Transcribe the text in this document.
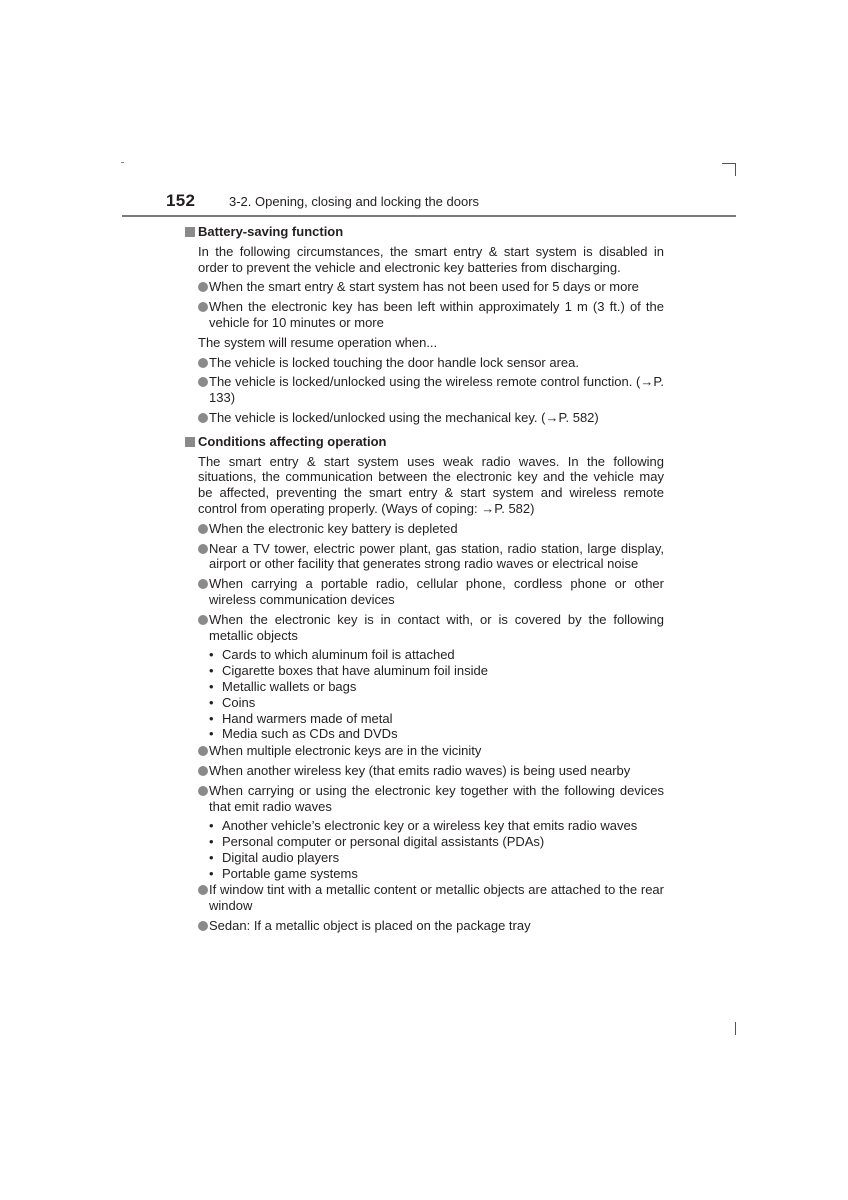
152	3-2. Opening, closing and locking the doors
Battery-saving function
In the following circumstances, the smart entry & start system is disabled in order to prevent the vehicle and electronic key batteries from discharging.
When the smart entry & start system has not been used for 5 days or more
When the electronic key has been left within approximately 1 m (3 ft.) of the vehicle for 10 minutes or more
The system will resume operation when...
The vehicle is locked touching the door handle lock sensor area.
The vehicle is locked/unlocked using the wireless remote control function. (→P. 133)
The vehicle is locked/unlocked using the mechanical key. (→P. 582)
Conditions affecting operation
The smart entry & start system uses weak radio waves. In the following situations, the communication between the electronic key and the vehicle may be affected, preventing the smart entry & start system and wireless remote control from operating properly. (Ways of coping: →P. 582)
When the electronic key battery is depleted
Near a TV tower, electric power plant, gas station, radio station, large display, airport or other facility that generates strong radio waves or electrical noise
When carrying a portable radio, cellular phone, cordless phone or other wireless communication devices
When the electronic key is in contact with, or is covered by the following metallic objects
• Cards to which aluminum foil is attached
• Cigarette boxes that have aluminum foil inside
• Metallic wallets or bags
• Coins
• Hand warmers made of metal
• Media such as CDs and DVDs
When multiple electronic keys are in the vicinity
When another wireless key (that emits radio waves) is being used nearby
When carrying or using the electronic key together with the following devices that emit radio waves
• Another vehicle’s electronic key or a wireless key that emits radio waves
• Personal computer or personal digital assistants (PDAs)
• Digital audio players
• Portable game systems
If window tint with a metallic content or metallic objects are attached to the rear window
Sedan: If a metallic object is placed on the package tray
